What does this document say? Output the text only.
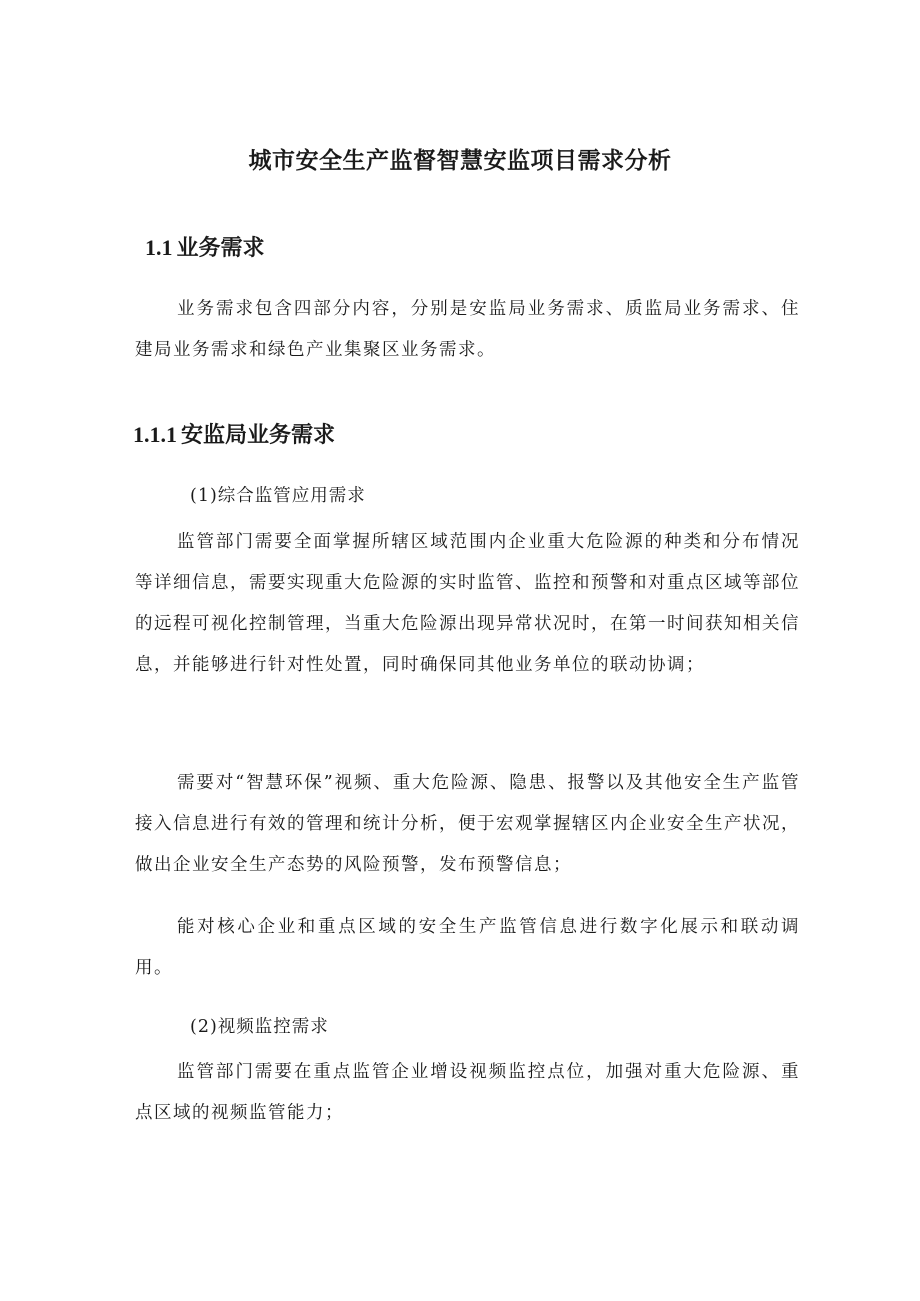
城市安全生产监督智慧安监项目需求分析
1.1 业务需求

业务需求包含四部分内容，分别是安监局业务需求、质监局业务需求、住建局业务需求和绿色产业集聚区业务需求。

1.1.1 安监局业务需求

(1)综合监管应用需求

监管部门需要全面掌握所辖区域范围内企业重大危险源的种类和分布情况等详细信息，需要实现重大危险源的实时监管、监控和预警和对重点区域等部位的远程可视化控制管理，当重大危险源出现异常状况时，在第一时间获知相关信息，并能够进行针对性处置，同时确保同其他业务单位的联动协调；

需要对“智慧环保”视频、重大危险源、隐患、报警以及其他安全生产监管接入信息进行有效的管理和统计分析，便于宏观掌握辖区内企业安全生产状况，做出企业安全生产态势的风险预警，发布预警信息；

能对核心企业和重点区域的安全生产监管信息进行数字化展示和联动调用。

(2)视频监控需求

监管部门需要在重点监管企业增设视频监控点位，加强对重大危险源、重点区域的视频监管能力；
